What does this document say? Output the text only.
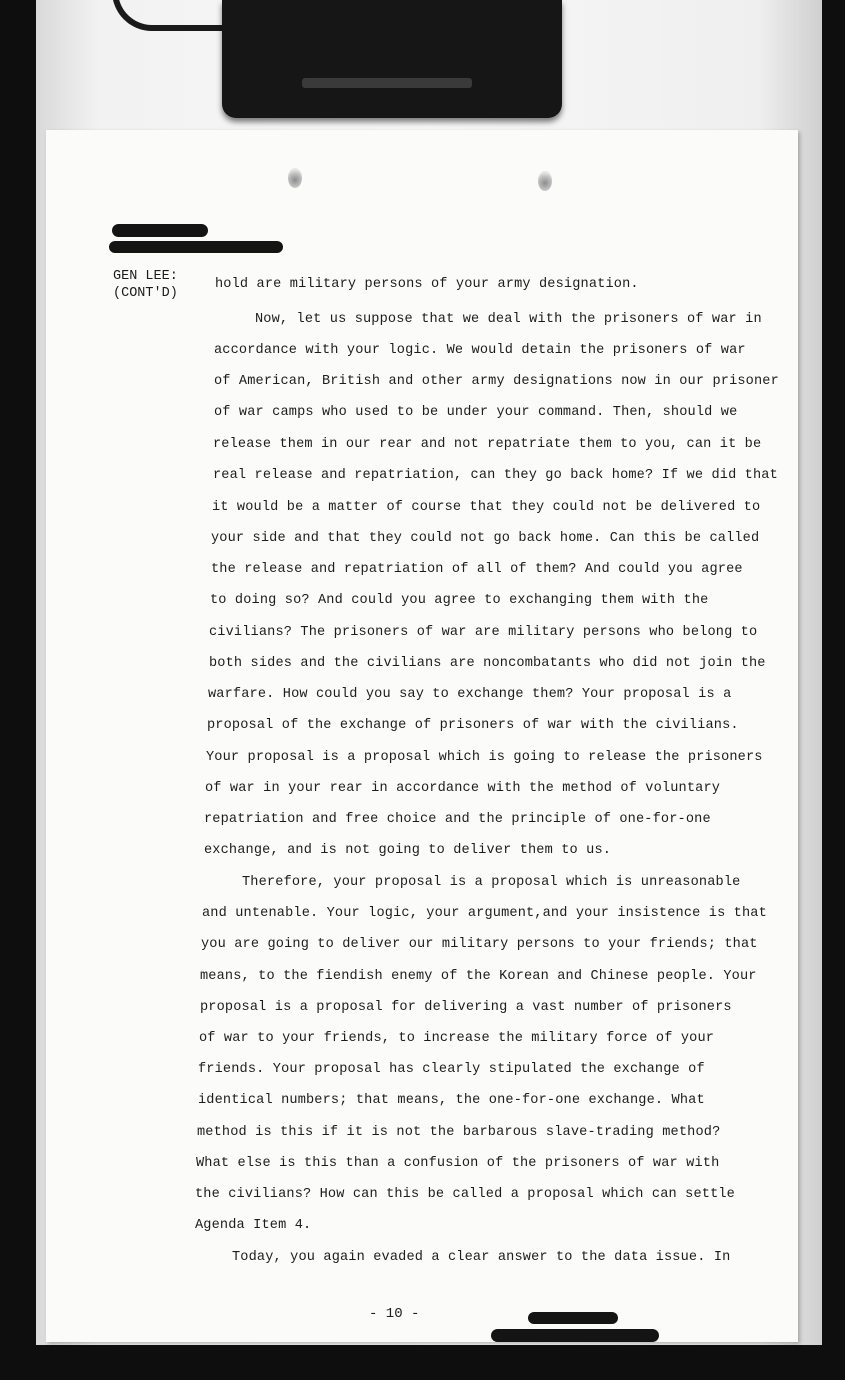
GEN LEE:
(CONT'D)
hold are military persons of your army designation.
Now, let us suppose that we deal with the prisoners of war in
accordance with your logic. We would detain the prisoners of war
of American, British and other army designations now in our prisoner
of war camps who used to be under your command. Then, should we
release them in our rear and not repatriate them to you, can it be
real release and repatriation, can they go back home? If we did that
it would be a matter of course that they could not be delivered to
your side and that they could not go back home. Can this be called
the release and repatriation of all of them? And could you agree
to doing so? And could you agree to exchanging them with the
civilians? The prisoners of war are military persons who belong to
both sides and the civilians are noncombatants who did not join the
warfare. How could you say to exchange them? Your proposal is a
proposal of the exchange of prisoners of war with the civilians.
Your proposal is a proposal which is going to release the prisoners
of war in your rear in accordance with the method of voluntary
repatriation and free choice and the principle of one-for-one
exchange, and is not going to deliver them to us.
Therefore, your proposal is a proposal which is unreasonable
and untenable. Your logic, your argument,and your insistence is that
you are going to deliver our military persons to your friends; that
means, to the fiendish enemy of the Korean and Chinese people. Your
proposal is a proposal for delivering a vast number of prisoners
of war to your friends, to increase the military force of your
friends. Your proposal has clearly stipulated the exchange of
identical numbers; that means, the one-for-one exchange. What
method is this if it is not the barbarous slave-trading method?
What else is this than a confusion of the prisoners of war with
the civilians? How can this be called a proposal which can settle
Agenda Item 4.
Today, you again evaded a clear answer to the data issue. In
- 10 -
